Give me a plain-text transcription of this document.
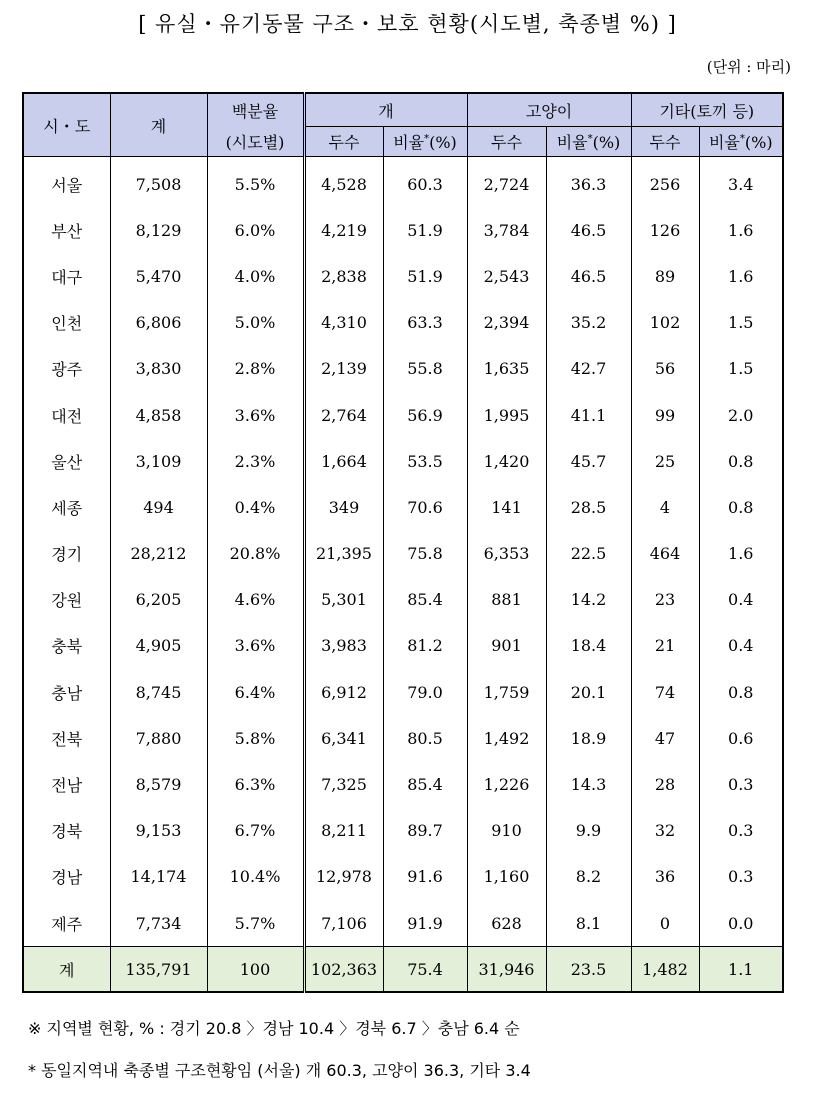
[ 유실・유기동물 구조・보호 현황(시도별, 축종별 %) ]
(단위 : 마리)
시・도	계	백분율	개		고양이		기타(토끼 등)	
		(시도별)	두수	비율*(%)	두수	비율*(%)	두수	비율*(%)
서울	7,508	5.5%	4,528	60.3	2,724	36.3	256	3.4
부산	8,129	6.0%	4,219	51.9	3,784	46.5	126	1.6
대구	5,470	4.0%	2,838	51.9	2,543	46.5	89	1.6
인천	6,806	5.0%	4,310	63.3	2,394	35.2	102	1.5
광주	3,830	2.8%	2,139	55.8	1,635	42.7	56	1.5
대전	4,858	3.6%	2,764	56.9	1,995	41.1	99	2.0
울산	3,109	2.3%	1,664	53.5	1,420	45.7	25	0.8
세종	494	0.4%	349	70.6	141	28.5	4	0.8
경기	28,212	20.8%	21,395	75.8	6,353	22.5	464	1.6
강원	6,205	4.6%	5,301	85.4	881	14.2	23	0.4
충북	4,905	3.6%	3,983	81.2	901	18.4	21	0.4
충남	8,745	6.4%	6,912	79.0	1,759	20.1	74	0.8
전북	7,880	5.8%	6,341	80.5	1,492	18.9	47	0.6
전남	8,579	6.3%	7,325	85.4	1,226	14.3	28	0.3
경북	9,153	6.7%	8,211	89.7	910	9.9	32	0.3
경남	14,174	10.4%	12,978	91.6	1,160	8.2	36	0.3
제주	7,734	5.7%	7,106	91.9	628	8.1	0	0.0
계	135,791	100	102,363	75.4	31,946	23.5	1,482	1.1
※ 지역별 현황, % : 경기 20.8 〉경남 10.4 〉경북 6.7 〉충남 6.4 순
* 동일지역내 축종별 구조현황임 (서울) 개 60.3, 고양이 36.3, 기타 3.4
